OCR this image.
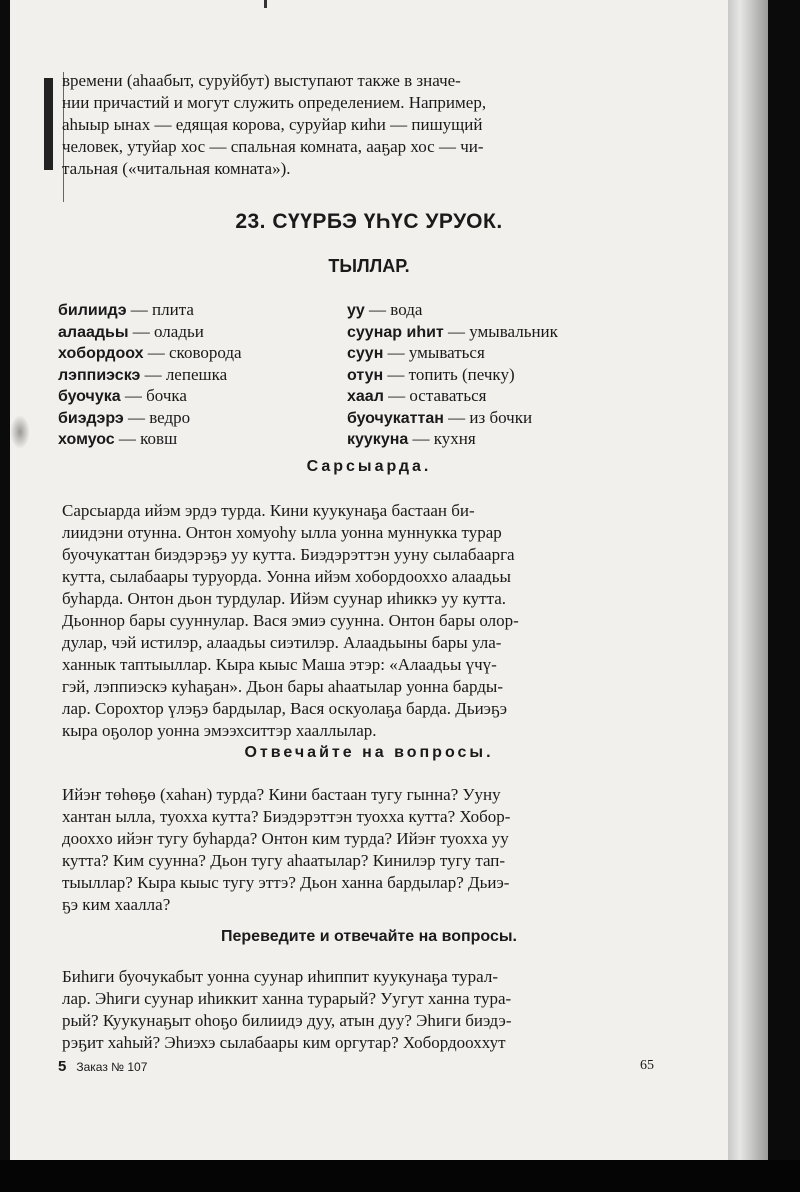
времени (аhаабыт, суруйбут) выступают также в значе-
нии причастий и могут служить определением. Например,
аhыыр ынах — едящая корова, суруйар киhи — пишущий
человек, утуйар хос — спальная комната, ааҕар хос — чи-
тальная («читальная комната»).

23. СҮҮРБЭ ҮҺҮС УРУОК.
ТЫЛЛАР.
билиидэ — плита
алаадьы — оладьи
хобордоох — сковорода
лэппиэскэ — лепешка
буочука — бочка
биэдэрэ — ведро
хомуос — ковш
уу — вода
суунар иhит — умывальник
суун — умываться
отун — топить (печку)
хаал — оставаться
буочукаттан — из бочки
куукуна — кухня
Сарсыарда.

Сарсыарда ийэм эрдэ турда. Кини куукунаҕа бастаан би-
лиидэни отунна. Онтон хомуоhу ылла уонна муннукка турар
буочукаттан биэдэрэҕэ уу кутта. Биэдэрэттэн ууну сылабаарга
кутта, сылабаары туруорда. Уонна ийэм хобордоохxо алаадьы
буhарда. Онтон дьон турдулар. Ийэм суунар иhиккэ уу кутта.
Дьоннор бары сууннулар. Вася эмиэ суунна. Онтон бары олор-
дулар, чэй истилэр, алаадьы сиэтилэр. Алаадьыны бары ула-
ханнык таптыыллар. Кыра кыыс Маша этэр: «Алаадьы үчү-
гэй, лэппиэскэ куhаҕан». Дьон бары аhаатылар уонна барды-
лар. Сорохтор үлэҕэ бардылар, Вася оскуолаҕа барда. Дьиэҕэ
кыра оҕолор уонна эмээхситтэр хааллылар.

Отвечайте на вопросы.

Ийэҥ төhөҕө (хаhан) турда? Кини бастаан тугу гынна? Ууну
хантан ылла, туохха кутта? Биэдэрэттэн туохха кутта? Хобор-
доохxо ийэҥ тугу буhарда? Онтон ким турда? Ийэҥ туохха уу
кутта? Ким суунна? Дьон тугу аhаатылар? Кинилэр тугу тап-
тыыллар? Кыра кыыс тугу эттэ? Дьон ханна бардылар? Дьиэ-
ҕэ ким хаалла?

Переведите и отвечайте на вопросы.

Биhиги буочукабыт уонна суунар иhиппит куукунаҕа турал-
лар. Эhиги суунар иhиккит ханна турарый? Уугут ханна тура-
рый? Куукунаҕыт оhоҕо билиидэ дуу, атын дуу? Эhиги биэдэ-
рэҕит хаhый? Эhиэхэ сылабаары ким оргутар? Хобордооххут

5 Заказ № 107	65
